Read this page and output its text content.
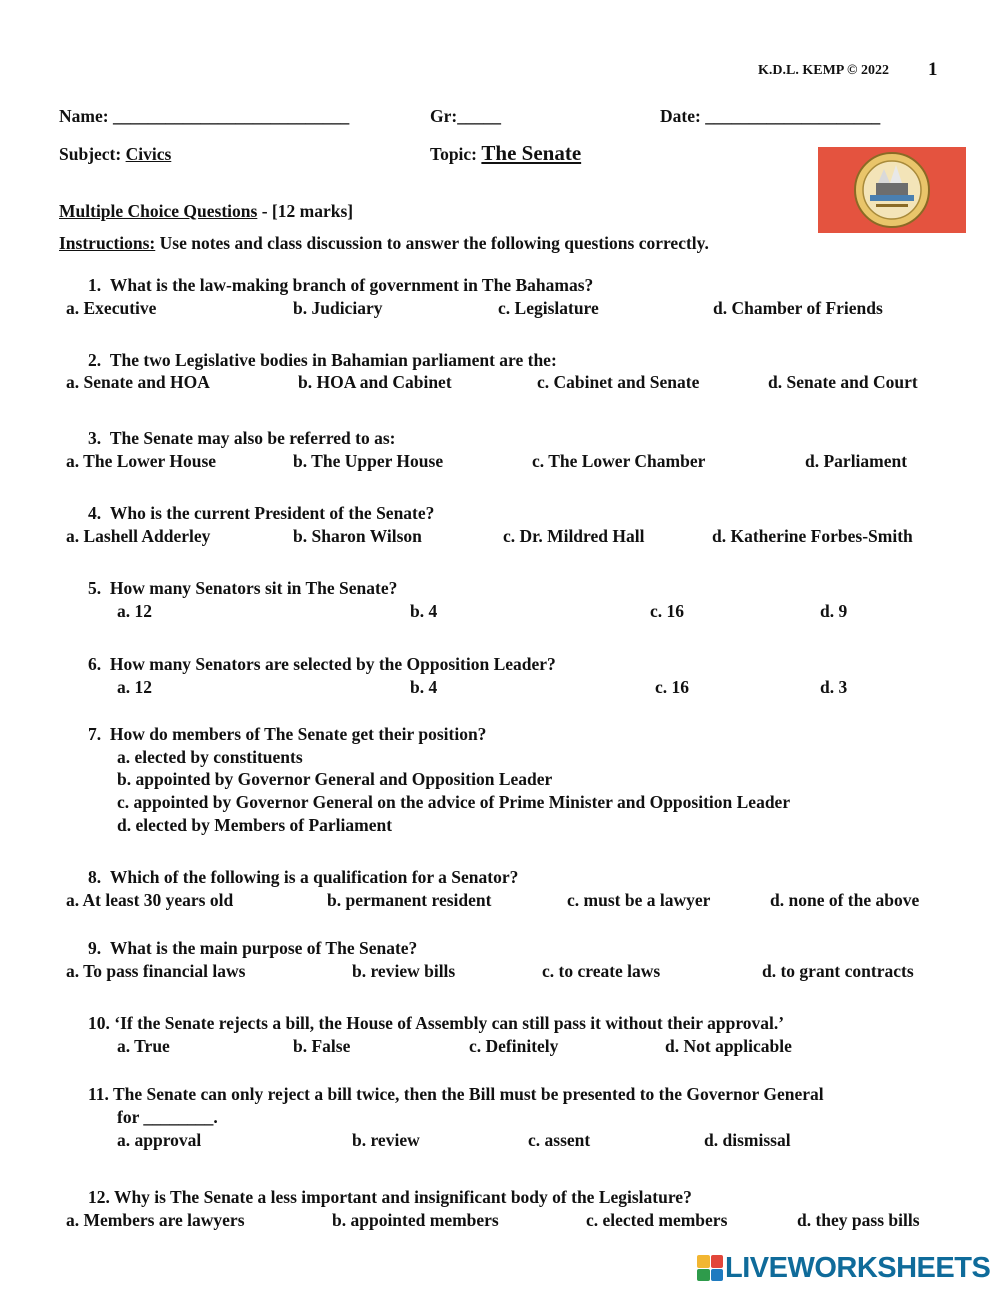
K.D.L. KEMP © 2022 1
Name: ___________________________	Gr:_____	Date: ____________________
Subject: Civics	Topic: The Senate
Multiple Choice Questions - [12 marks]
Instructions: Use notes and class discussion to answer the following questions correctly.
1. What is the law-making branch of government in The Bahamas?
a. Executive	b. Judiciary	c. Legislature	d. Chamber of Friends
2. The two Legislative bodies in Bahamian parliament are the:
a. Senate and HOA	b. HOA and Cabinet	c. Cabinet and Senate	d. Senate and Court
3. The Senate may also be referred to as:
a. The Lower House	b. The Upper House	c. The Lower Chamber	d. Parliament
4. Who is the current President of the Senate?
a. Lashell Adderley	b. Sharon Wilson	c. Dr. Mildred Hall	d. Katherine Forbes-Smith
5. How many Senators sit in The Senate?
a. 12	b. 4	c. 16	d. 9
6. How many Senators are selected by the Opposition Leader?
a. 12	b. 4	c. 16	d. 3
7. How do members of The Senate get their position?
a. elected by constituents
b. appointed by Governor General and Opposition Leader
c. appointed by Governor General on the advice of Prime Minister and Opposition Leader
d. elected by Members of Parliament
8. Which of the following is a qualification for a Senator?
a. At least 30 years old	b. permanent resident	c. must be a lawyer	d. none of the above
9. What is the main purpose of The Senate?
a. To pass financial laws	b. review bills	c. to create laws	d. to grant contracts
10. ‘If the Senate rejects a bill, the House of Assembly can still pass it without their approval.’
a. True	b. False	c. Definitely	d. Not applicable
11. The Senate can only reject a bill twice, then the Bill must be presented to the Governor General
for ________.
a. approval	b. review	c. assent	d. dismissal
12. Why is The Senate a less important and insignificant body of the Legislature?
a. Members are lawyers	b. appointed members	c. elected members	d. they pass bills
LIVEWORKSHEETS
